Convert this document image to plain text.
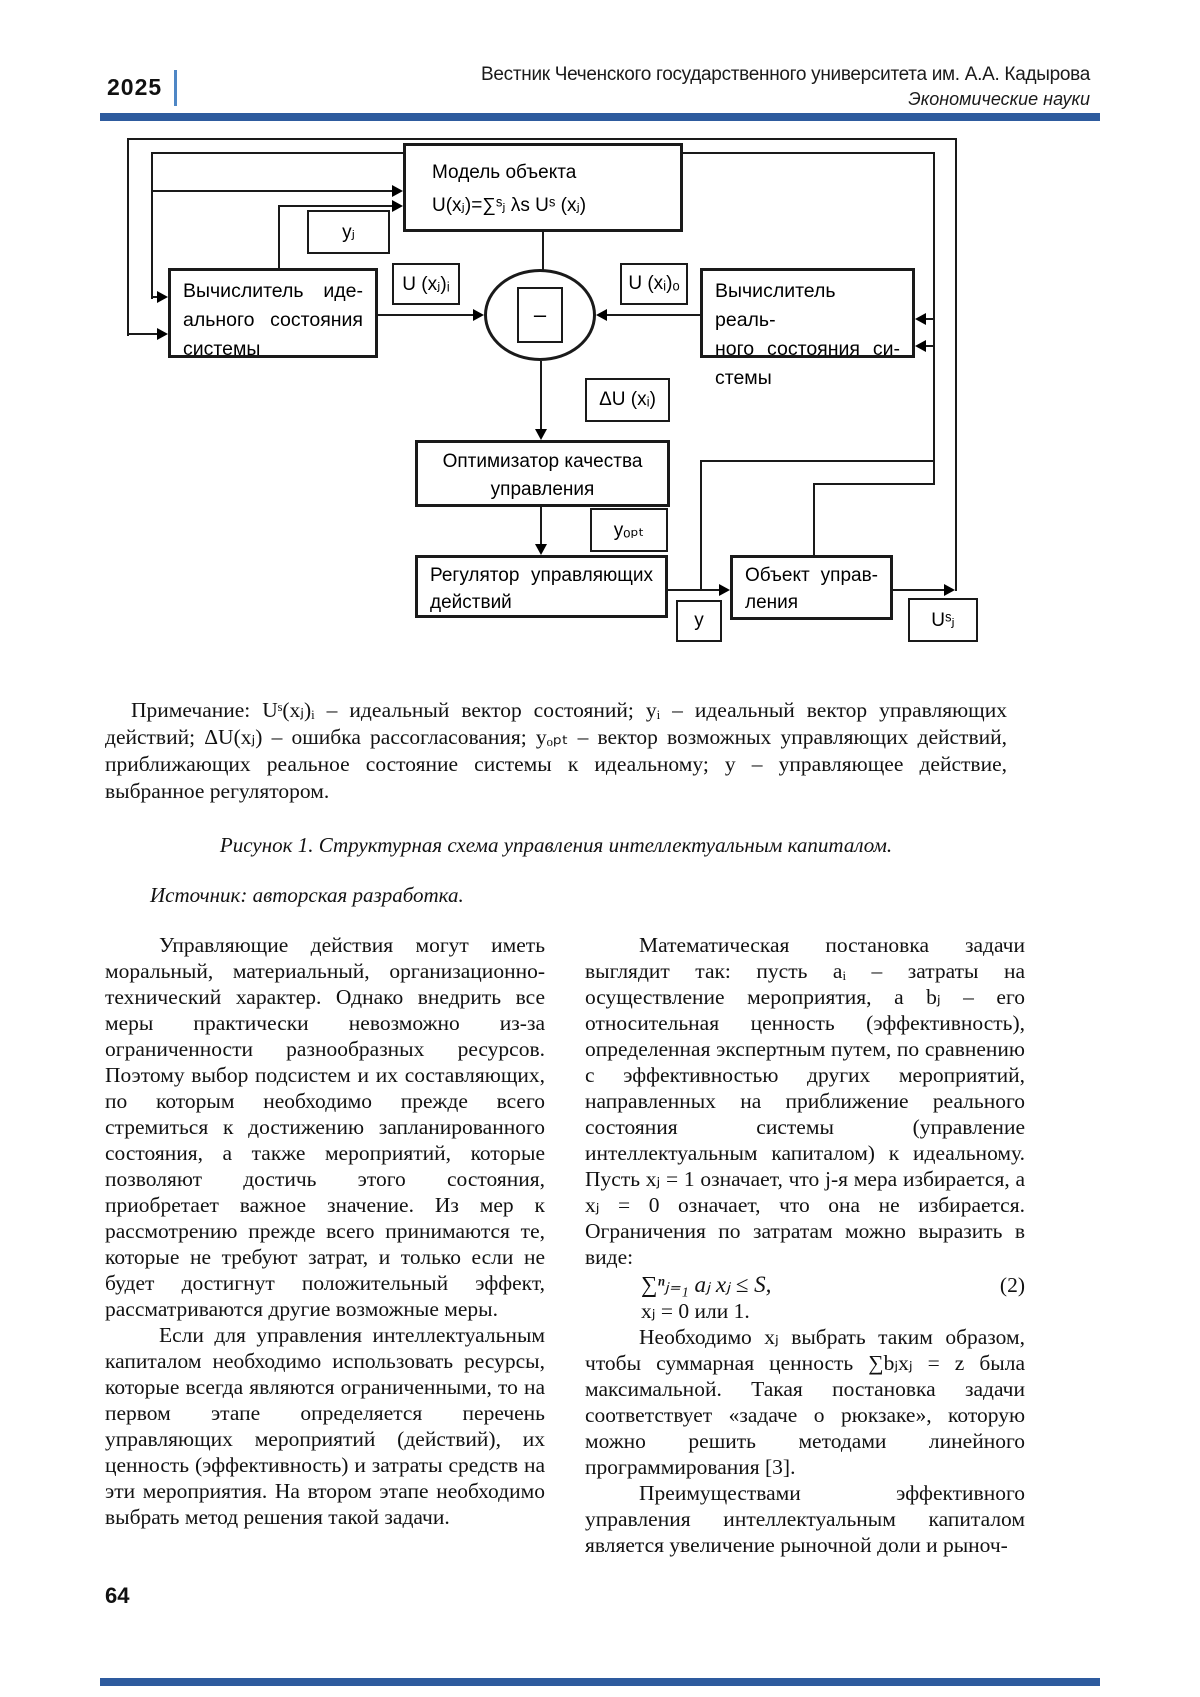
2025	Вестник Чеченского государственного университета им. А.А. Кадырова
Экономические науки
Модель объекта
U(xⱼ)=∑ˢⱼ λs Uˢ (xⱼ)
yⱼ
Вычислитель иде-
ального состояния
системы
U (xⱼ)ᵢ
–
U (xᵢ)ₒ Вычислитель реаль-
ного состояния си-
стемы
ΔU (xᵢ)
Оптимизатор качества
управления
yₒₚₜ
Регулятор управляющих
действий
у
Объект управ-
ления
Uˢⱼ
Примечание: Uˢ(xⱼ)ᵢ – идеальный вектор состояний; yᵢ – идеальный вектор управляющих действий; ΔU(xⱼ) – ошибка рассогласования; yₒₚₜ – вектор возможных управляющих действий, приближающих реальное состояние системы к идеальному; у – управляющее действие, выбранное регулятором.
Рисунок 1. Структурная схема управления интеллектуальным капиталом.
Источник: авторская разработка.

Управляющие действия могут иметь моральный, материальный, организационно-технический характер. Однако внедрить все меры практически невозможно из-за ограниченности разнообразных ресурсов. Поэтому выбор подсистем и их составляющих, по которым необходимо прежде всего стремиться к достижению запланированного состояния, а также мероприятий, которые позволяют достичь этого состояния, приобретает важное значение. Из мер к рассмотрению прежде всего принимаются те, которые не требуют затрат, и только если не будет достигнут положительный эффект, рассматриваются другие возможные меры.

Если для управления интеллектуальным капиталом необходимо использовать ресурсы, которые всегда являются ограниченными, то на первом этапе определяется перечень управляющих мероприятий (действий), их ценность (эффективность) и затраты средств на эти мероприятия. На втором этапе необходимо выбрать метод решения такой задачи.

Математическая постановка задачи выглядит так: пусть aᵢ – затраты на осуществление мероприятия, а bⱼ – его относительная ценность (эффективность), определенная экспертным путем, по сравнению с эффективностью других мероприятий, направленных на приближение реального состояния системы (управление интеллектуальным капиталом) к идеальному. Пусть xⱼ = 1 означает, что j-я мера избирается, а xⱼ = 0 означает, что она не избирается. Ограничения по затратам можно выразить в виде:

∑ⁿⱼ₌₁ aⱼ xⱼ ≤ S,	(2)
xⱼ = 0 или 1.

Необходимо xⱼ выбрать таким образом, чтобы суммарная ценность ∑bⱼxⱼ = z была максимальной. Такая постановка задачи соответствует «задаче о рюкзаке», которую можно решить методами линейного программирования [3].

Преимуществами эффективного управления интеллектуальным капиталом является увеличение рыночной доли и рыноч-

64
